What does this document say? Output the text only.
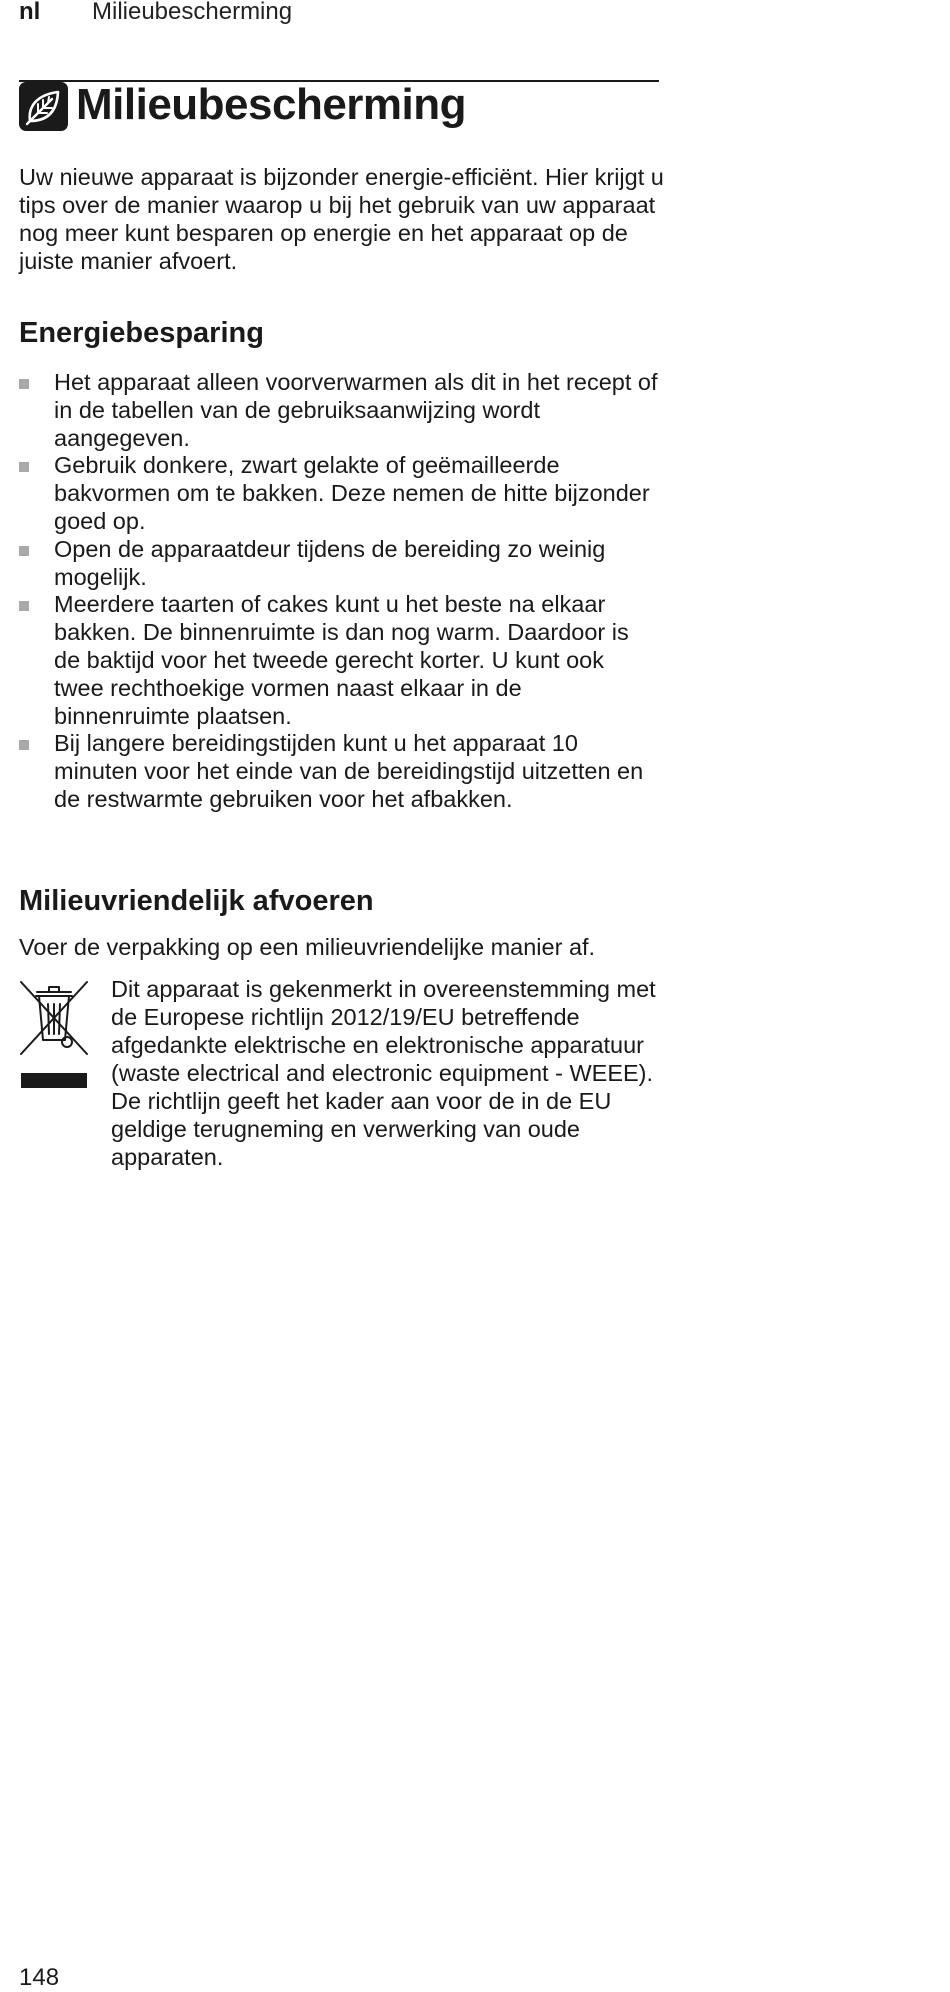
nl Milieubescherming
Milieubescherming

Uw nieuwe apparaat is bijzonder energie-efficiënt. Hier krijgt u tips over de manier waarop u bij het gebruik van uw apparaat nog meer kunt besparen op energie en het apparaat op de juiste manier afvoert.

Energiebesparing
Het apparaat alleen voorverwarmen als dit in het recept of in de tabellen van de gebruiksaanwijzing wordt aangegeven.
Gebruik donkere, zwart gelakte of geëmailleerde bakvormen om te bakken. Deze nemen de hitte bijzonder goed op.
Open de apparaatdeur tijdens de bereiding zo weinig mogelijk.
Meerdere taarten of cakes kunt u het beste na elkaar bakken. De binnenruimte is dan nog warm. Daardoor is de baktijd voor het tweede gerecht korter. U kunt ook twee rechthoekige vormen naast elkaar in de binnenruimte plaatsen.
Bij langere bereidingstijden kunt u het apparaat 10 minuten voor het einde van de bereidingstijd uitzetten en de restwarmte gebruiken voor het afbakken.
Milieuvriendelijk afvoeren

Voer de verpakking op een milieuvriendelijke manier af.

Dit apparaat is gekenmerkt in overeenstemming met de Europese richtlijn 2012/19/EU betreffende afgedankte elektrische en elektronische apparatuur (waste electrical and electronic equipment - WEEE). De richtlijn geeft het kader aan voor de in de EU geldige terugneming en verwerking van oude apparaten.

148
